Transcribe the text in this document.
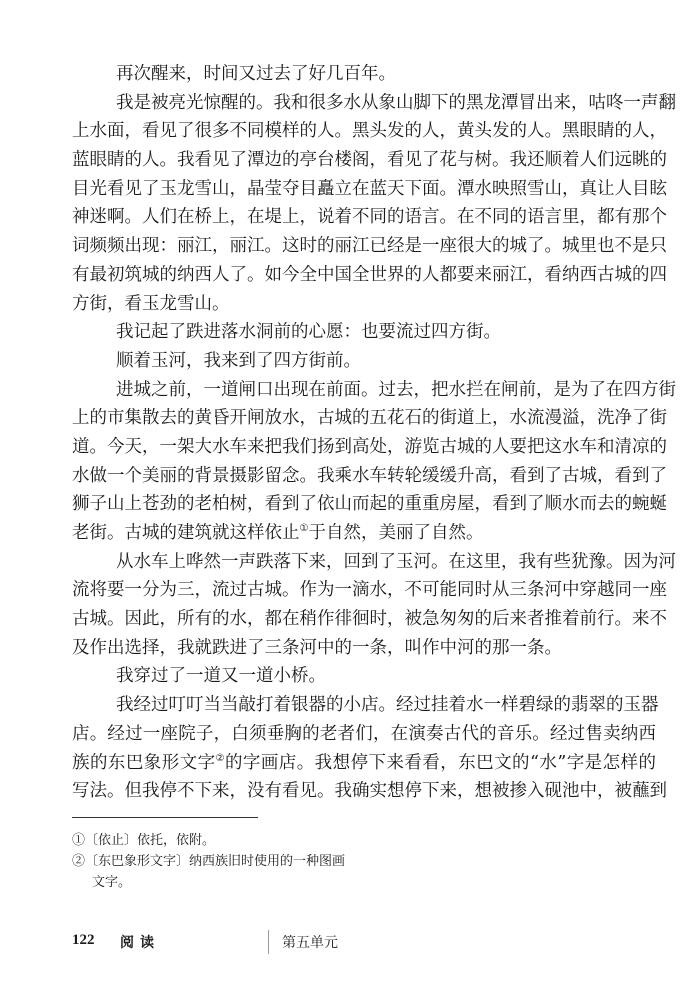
再次醒来，时间又过去了好几百年。
我是被亮光惊醒的。我和很多水从象山脚下的黑龙潭冒出来，咕咚一声翻
上水面，看见了很多不同模样的人。黑头发的人，黄头发的人。黑眼睛的人，
蓝眼睛的人。我看见了潭边的亭台楼阁，看见了花与树。我还顺着人们远眺的
目光看见了玉龙雪山，晶莹夺目矗立在蓝天下面。潭水映照雪山，真让人目眩
神迷啊。人们在桥上，在堤上，说着不同的语言。在不同的语言里，都有那个
词频频出现：丽江，丽江。这时的丽江已经是一座很大的城了。城里也不是只
有最初筑城的纳西人了。如今全中国全世界的人都要来丽江，看纳西古城的四
方街，看玉龙雪山。
我记起了跌进落水洞前的心愿：也要流过四方街。
顺着玉河，我来到了四方街前。
进城之前，一道闸口出现在前面。过去，把水拦在闸前，是为了在四方街
上的市集散去的黄昏开闸放水，古城的五花石的街道上，水流漫溢，洗净了街
道。今天，一架大水车来把我们扬到高处，游览古城的人要把这水车和清凉的
水做一个美丽的背景摄影留念。我乘水车转轮缓缓升高，看到了古城，看到了
狮子山上苍劲的老柏树，看到了依山而起的重重房屋，看到了顺水而去的蜿蜒
老街。古城的建筑就这样依止①于自然，美丽了自然。
从水车上哗然一声跌落下来，回到了玉河。在这里，我有些犹豫。因为河
流将要一分为三，流过古城。作为一滴水，不可能同时从三条河中穿越同一座
古城。因此，所有的水，都在稍作徘徊时，被急匆匆的后来者推着前行。来不
及作出选择，我就跌进了三条河中的一条，叫作中河的那一条。
我穿过了一道又一道小桥。
我经过叮叮当当敲打着银器的小店。经过挂着水一样碧绿的翡翠的玉器
店。经过一座院子，白须垂胸的老者们，在演奏古代的音乐。经过售卖纳西
族的东巴象形文字②的字画店。我想停下来看看，东巴文的“水”字是怎样的
写法。但我停不下来，没有看见。我确实想停下来，想被掺入砚池中，被蘸到
①〔依止〕依托，依附。
②〔东巴象形文字〕纳西族旧时使用的一种图画
文字。
122 阅读	第五单元
